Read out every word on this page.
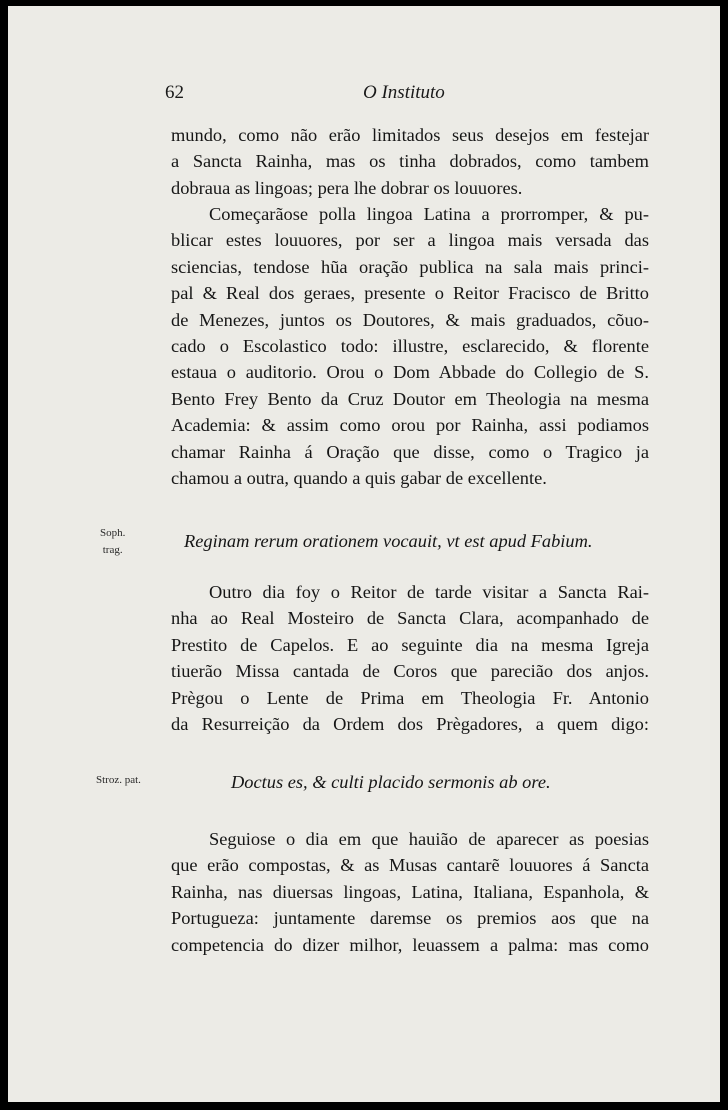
62	O Instituto

mundo, como não erão limitados seus desejos em festejar
a Sancta Rainha, mas os tinha dobrados, como tambem
dobraua as lingoas; pera lhe dobrar os louuores.

Começarãose polla lingoa Latina a prorromper, & pu-
blicar estes louuores, por ser a lingoa mais versada das
sciencias, tendose hũa oração publica na sala mais princi-
pal & Real dos geraes, presente o Reitor Fracisco de Britto
de Menezes, juntos os Doutores, & mais graduados, cõuo-
cado o Escolastico todo: illustre, esclarecido, & florente
estaua o auditorio. Orou o Dom Abbade do Collegio de S.
Bento Frey Bento da Cruz Doutor em Theologia na mesma
Academia: & assim como orou por Rainha, assi podiamos
chamar Rainha á Oração que disse, como o Tragico ja
chamou a outra, quando a quis gabar de excellente.

Soph.
trag.	Reginam rerum orationem vocauit, vt est apud Fabium.

Outro dia foy o Reitor de tarde visitar a Sancta Rai-
nha ao Real Mosteiro de Sancta Clara, acompanhado de
Prestito de Capelos. E ao seguinte dia na mesma Igreja
tiuerão Missa cantada de Coros que parecião dos anjos.
Prègou o Lente de Prima em Theologia Fr. Antonio
da Resurreição da Ordem dos Prègadores, a quem digo:

Stroz. pat.	Doctus es, & culti placido sermonis ab ore.

Seguiose o dia em que hauião de aparecer as poesias
que erão compostas, & as Musas cantarẽ louuores á Sancta
Rainha, nas diuersas lingoas, Latina, Italiana, Espanhola, &
Portugueza: juntamente daremse os premios aos que na
competencia do dizer milhor, leuassem a palma: mas como
